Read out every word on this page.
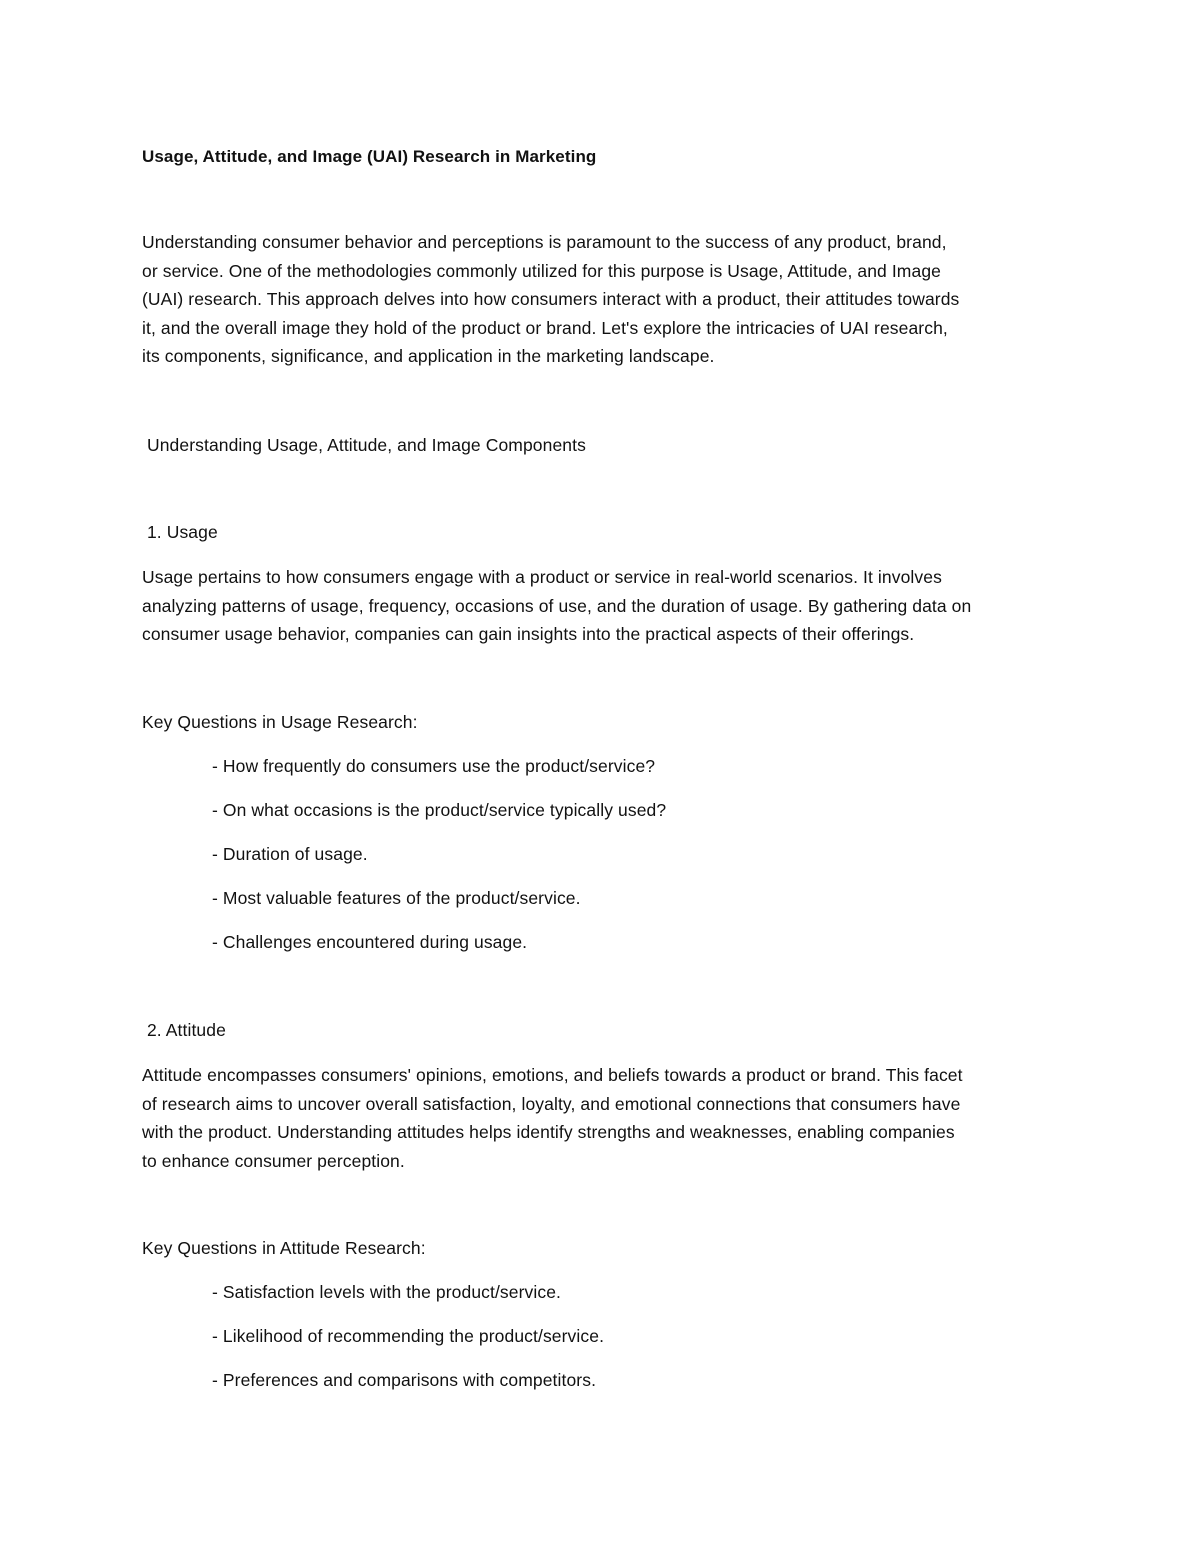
Usage, Attitude, and Image (UAI) Research in Marketing
Understanding consumer behavior and perceptions is paramount to the success of any product, brand,
or service. One of the methodologies commonly utilized for this purpose is Usage, Attitude, and Image
(UAI) research. This approach delves into how consumers interact with a product, their attitudes towards
it, and the overall image they hold of the product or brand. Let's explore the intricacies of UAI research,
its components, significance, and application in the marketing landscape.
Understanding Usage, Attitude, and Image Components
1. Usage
Usage pertains to how consumers engage with a product or service in real-world scenarios. It involves
analyzing patterns of usage, frequency, occasions of use, and the duration of usage. By gathering data on
consumer usage behavior, companies can gain insights into the practical aspects of their offerings.
Key Questions in Usage Research:
- How frequently do consumers use the product/service?
- On what occasions is the product/service typically used?
- Duration of usage.
- Most valuable features of the product/service.
- Challenges encountered during usage.
2. Attitude
Attitude encompasses consumers' opinions, emotions, and beliefs towards a product or brand. This facet
of research aims to uncover overall satisfaction, loyalty, and emotional connections that consumers have
with the product. Understanding attitudes helps identify strengths and weaknesses, enabling companies
to enhance consumer perception.
Key Questions in Attitude Research:
- Satisfaction levels with the product/service.
- Likelihood of recommending the product/service.
- Preferences and comparisons with competitors.
